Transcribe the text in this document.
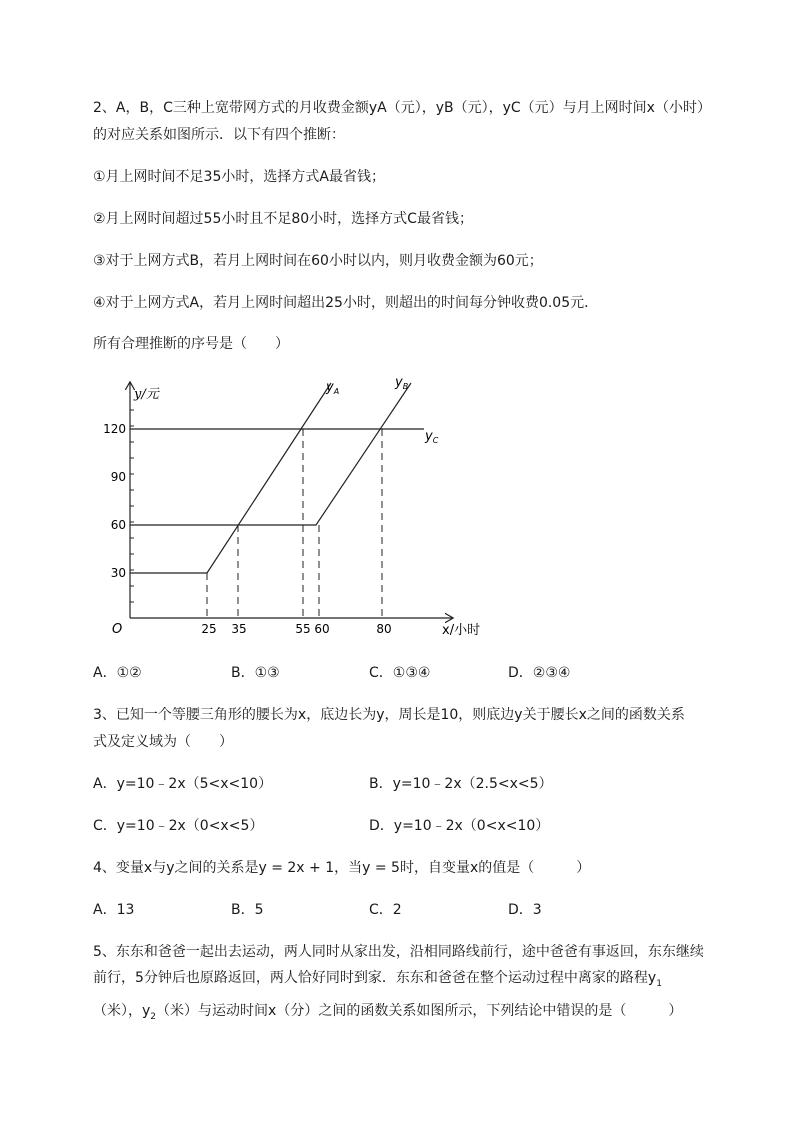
2、A，B，C三种上宽带网方式的月收费金额yA（元），yB（元），yC（元）与月上网时间x（小时）
的对应关系如图所示．以下有四个推断：
①月上网时间不足35小时，选择方式A最省钱；
②月上网时间超过55小时且不足80小时，选择方式C最省钱；
③对于上网方式B，若月上网时间在60小时以内，则月收费金额为60元；
④对于上网方式A，若月上网时间超出25小时，则超出的时间每分钟收费0.05元．
所有合理推断的序号是（　　）
y/元
x/小时
O
120
90
60
30
25 35	55 60	80
$y_A$
$y_B$
$y_C$
A．①②	B．①③	C．①③④	D．②③④
3、已知一个等腰三角形的腰长为x，底边长为y，周长是10，则底边y关于腰长x之间的函数关系
式及定义域为（　　）
A．y=10﹣2x（5<x<10）	B．y=10﹣2x（2.5<x<5）
C．y=10﹣2x（0<x<5）	D．y=10﹣2x（0<x<10）
4、变量x与y之间的关系是y = 2x + 1，当y = 5时，自变量x的值是（　　　）
A．13	B．5	C．2	D．3
5、东东和爸爸一起出去运动，两人同时从家出发，沿相同路线前行，途中爸爸有事返回，东东继续
前行，5分钟后也原路返回，两人恰好同时到家．东东和爸爸在整个运动过程中离家的路程$y_1$
（米），$y_2$（米）与运动时间x（分）之间的函数关系如图所示，下列结论中错误的是（　　　）
